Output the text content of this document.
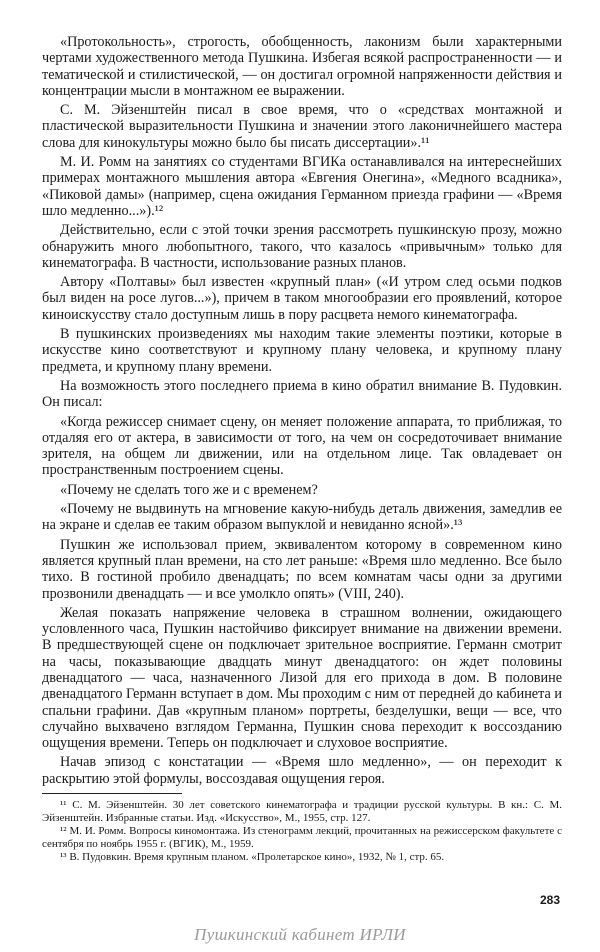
«Протокольность», строгость, обобщенность, лаконизм были характерными чертами художественного метода Пушкина. Избегая всякой распространенности — и тематической и стилистической, — он достигал огромной напряженности действия и концентрации мысли в монтажном ее выражении.

С. М. Эйзенштейн писал в свое время, что о «средствах монтажной и пластической выразительности Пушкина и значении этого лаконичнейшего мастера слова для кинокультуры можно было бы писать диссертации».¹¹

М. И. Ромм на занятиях со студентами ВГИКа останавливался на интереснейших примерах монтажного мышления автора «Евгения Онегина», «Медного всадника», «Пиковой дамы» (например, сцена ожидания Германном приезда графини — «Время шло медленно...»).¹²

Действительно, если с этой точки зрения рассмотреть пушкинскую прозу, можно обнаружить много любопытного, такого, что казалось «привычным» только для кинематографа. В частности, использование разных планов.

Автору «Полтавы» был известен «крупный план» («И утром след осьми подков был виден на росе лугов...»), причем в таком многообразии его проявлений, которое киноискусству стало доступным лишь в пору расцвета немого кинематографа.

В пушкинских произведениях мы находим такие элементы поэтики, которые в искусстве кино соответствуют и крупному плану человека, и крупному плану предмета, и крупному плану времени.

На возможность этого последнего приема в кино обратил внимание В. Пудовкин. Он писал:

«Когда режиссер снимает сцену, он меняет положение аппарата, то приближая, то отдаляя его от актера, в зависимости от того, на чем он сосредоточивает внимание зрителя, на общем ли движении, или на отдельном лице. Так овладевает он пространственным построением сцены.

«Почему не сделать того же и с временем?

«Почему не выдвинуть на мгновение какую-нибудь деталь движения, замедлив ее на экране и сделав ее таким образом выпуклой и невиданно ясной».¹³

Пушкин же использовал прием, эквивалентом которому в современном кино является крупный план времени, на сто лет раньше: «Время шло медленно. Все было тихо. В гостиной пробило двенадцать; по всем комнатам часы одни за другими прозвонили двенадцать — и все умолкло опять» (VIII, 240).

Желая показать напряжение человека в страшном волнении, ожидающего условленного часа, Пушкин настойчиво фиксирует внимание на движении времени. В предшествующей сцене он подключает зрительное восприятие. Германн смотрит на часы, показывающие двадцать минут двенадцатого: он ждет половины двенадцатого — часа, назначенного Лизой для его прихода в дом. В половине двенадцатого Германн вступает в дом. Мы проходим с ним от передней до кабинета и спальни графини. Дав «крупным планом» портреты, безделушки, вещи — все, что случайно выхвачено взглядом Германна, Пушкин снова переходит к воссозданию ощущения времени. Теперь он подключает и слуховое восприятие.

Начав эпизод с констатации — «Время шло медленно», — он переходит к раскрытию этой формулы, воссоздавая ощущения героя.

¹¹ С. М. Эйзенштейн. 30 лет советского кинематографа и традиции русской культуры. В кн.: С. М. Эйзенштейн. Избранные статьи. Изд. «Искусство», М., 1955, стр. 127.

¹² М. И. Ромм. Вопросы киномонтажа. Из стенограмм лекций, прочитанных на режиссерском факультете с сентября по ноябрь 1955 г. (ВГИК), М., 1959.

¹³ В. Пудовкин. Время крупным планом. «Пролетарское кино», 1932, № 1, стр. 65.

283
Пушкинский кабинет ИРЛИ
